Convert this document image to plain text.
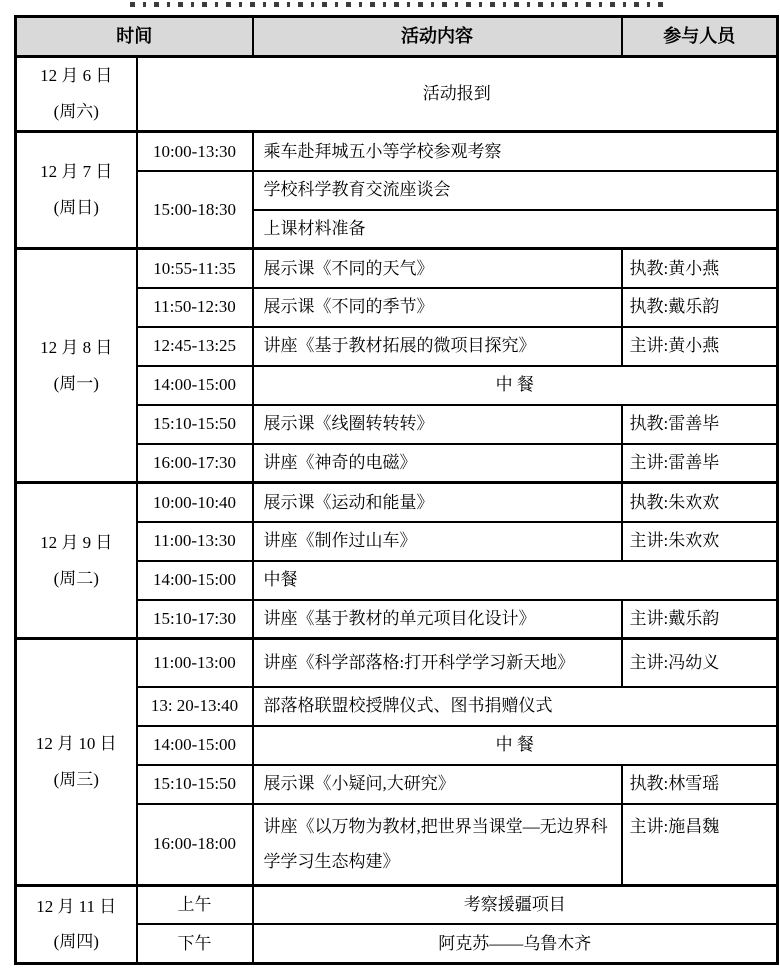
时间		活动内容	参与人员

12 月 6 日
(周六)	活动报到		

12 月 7 日
(周日)	10:00-13:30	乘车赴拜城五小等学校参观考察	
	15:00-18:30	学校科学教育交流座谈会	
		上课材料准备	

12 月 8 日
(周一)	10:55-11:35	展示课《不同的天气》	执教:黄小燕
	11:50-12:30	展示课《不同的季节》	执教:戴乐韵
	12:45-13:25	讲座《基于教材拓展的微项目探究》	主讲:黄小燕
	14:00-15:00	中 餐	
	15:10-15:50	展示课《线圈转转转》	执教:雷善毕
	16:00-17:30	讲座《神奇的电磁》	主讲:雷善毕

12 月 9 日
(周二)	10:00-10:40	展示课《运动和能量》	执教:朱欢欢
	11:00-13:30	讲座《制作过山车》	主讲:朱欢欢
	14:00-15:00	中餐	
	15:10-17:30	讲座《基于教材的单元项目化设计》	主讲:戴乐韵

12 月 10 日
(周三)	11:00-13:00	讲座《科学部落格:打开科学学习新天地》	主讲:冯幼义
	13: 20-13:40	部落格联盟校授牌仪式、图书捐赠仪式	
	14:00-15:00	中 餐	
	15:10-15:50	展示课《小疑问,大研究》	执教:林雪瑶
	16:00-18:00	讲座《以万物为教材,把世界当课堂—无边界科学学习生态构建》	主讲:施昌魏

12 月 11 日
(周四)	上午	考察援疆项目	
	下午	阿克苏——乌鲁木齐	
